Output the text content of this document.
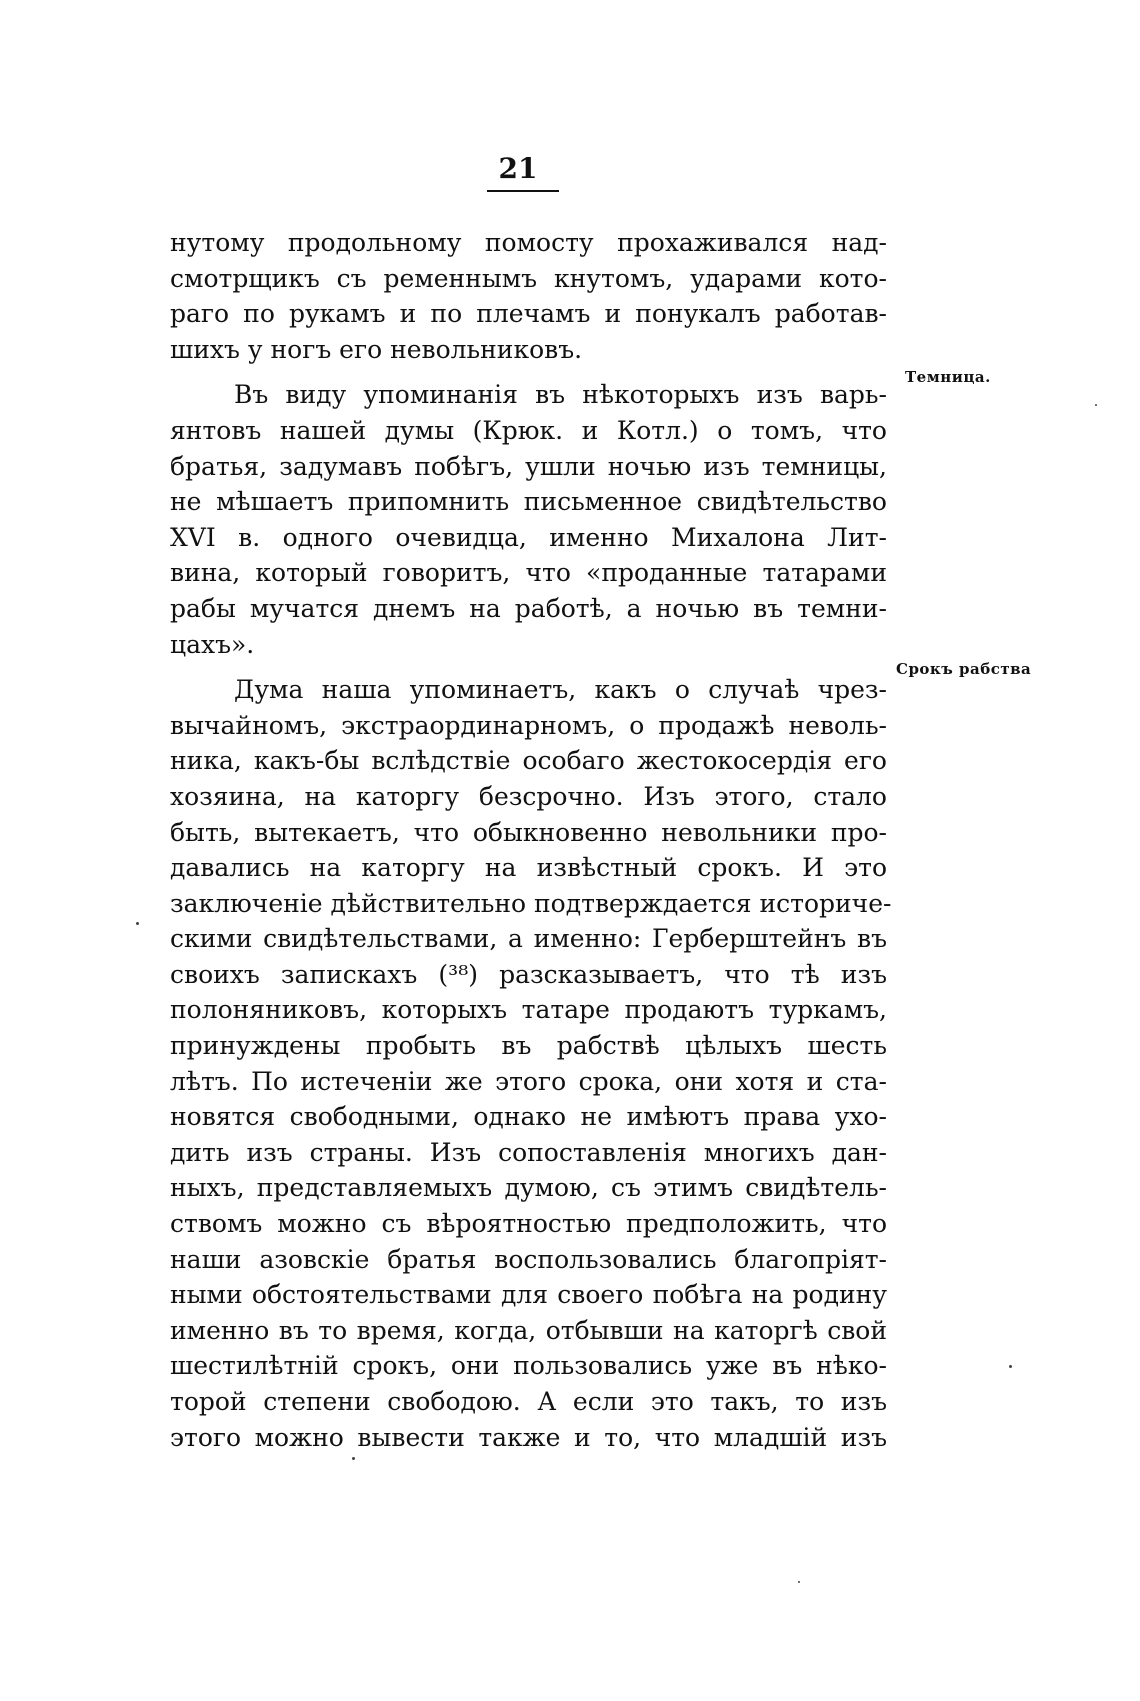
21
Темница.
Срокъ рабства
нутому продольному помосту прохаживался над-
смотрщикъ съ ременнымъ кнутомъ, ударами кото-
раго по рукамъ и по плечамъ и понукалъ работав-
шихъ у ногъ его невольниковъ.
Въ виду упоминанія въ нѣкоторыхъ изъ варь-
янтовъ нашей думы (Крюк. и Котл.) о томъ, что
братья, задумавъ побѣгъ, ушли ночью изъ темницы,
не мѣшаетъ припомнить письменное свидѣтельство
XVI в. одного очевидца, именно Михалона Лит-
вина, который говоритъ, что «проданные татарами
рабы мучатся днемъ на работѣ, а ночью въ темни-
цахъ».
Дума наша упоминаетъ, какъ о случаѣ чрез-
вычайномъ, экстраординарномъ, о продажѣ неволь-
ника, какъ-бы вслѣдствіе особаго жестокосердія его
хозяина, на каторгу безсрочно. Изъ этого, стало
быть, вытекаетъ, что обыкновенно невольники про-
давались на каторгу на извѣстный срокъ. И это
заключеніе дѣйствительно подтверждается историче-
скими свидѣтельствами, а именно: Герберштейнъ въ
своихъ запискахъ (³⁸) разсказываетъ, что тѣ изъ
полоняниковъ, которыхъ татаре продаютъ туркамъ,
принуждены пробыть въ рабствѣ цѣлыхъ шесть
лѣтъ. По истеченіи же этого срока, они хотя и ста-
новятся свободными, однако не имѣютъ права ухо-
дить изъ страны. Изъ сопоставленія многихъ дан-
ныхъ, представляемыхъ думою, съ этимъ свидѣтель-
ствомъ можно съ вѣроятностью предположить, что
наши азовскіе братья воспользовались благопріят-
ными обстоятельствами для своего побѣга на родину
именно въ то время, когда, отбывши на каторгѣ свой
шестилѣтній срокъ, они пользовались уже въ нѣко-
торой степени свободою. А если это такъ, то изъ
этого можно вывести также и то, что младшій изъ
